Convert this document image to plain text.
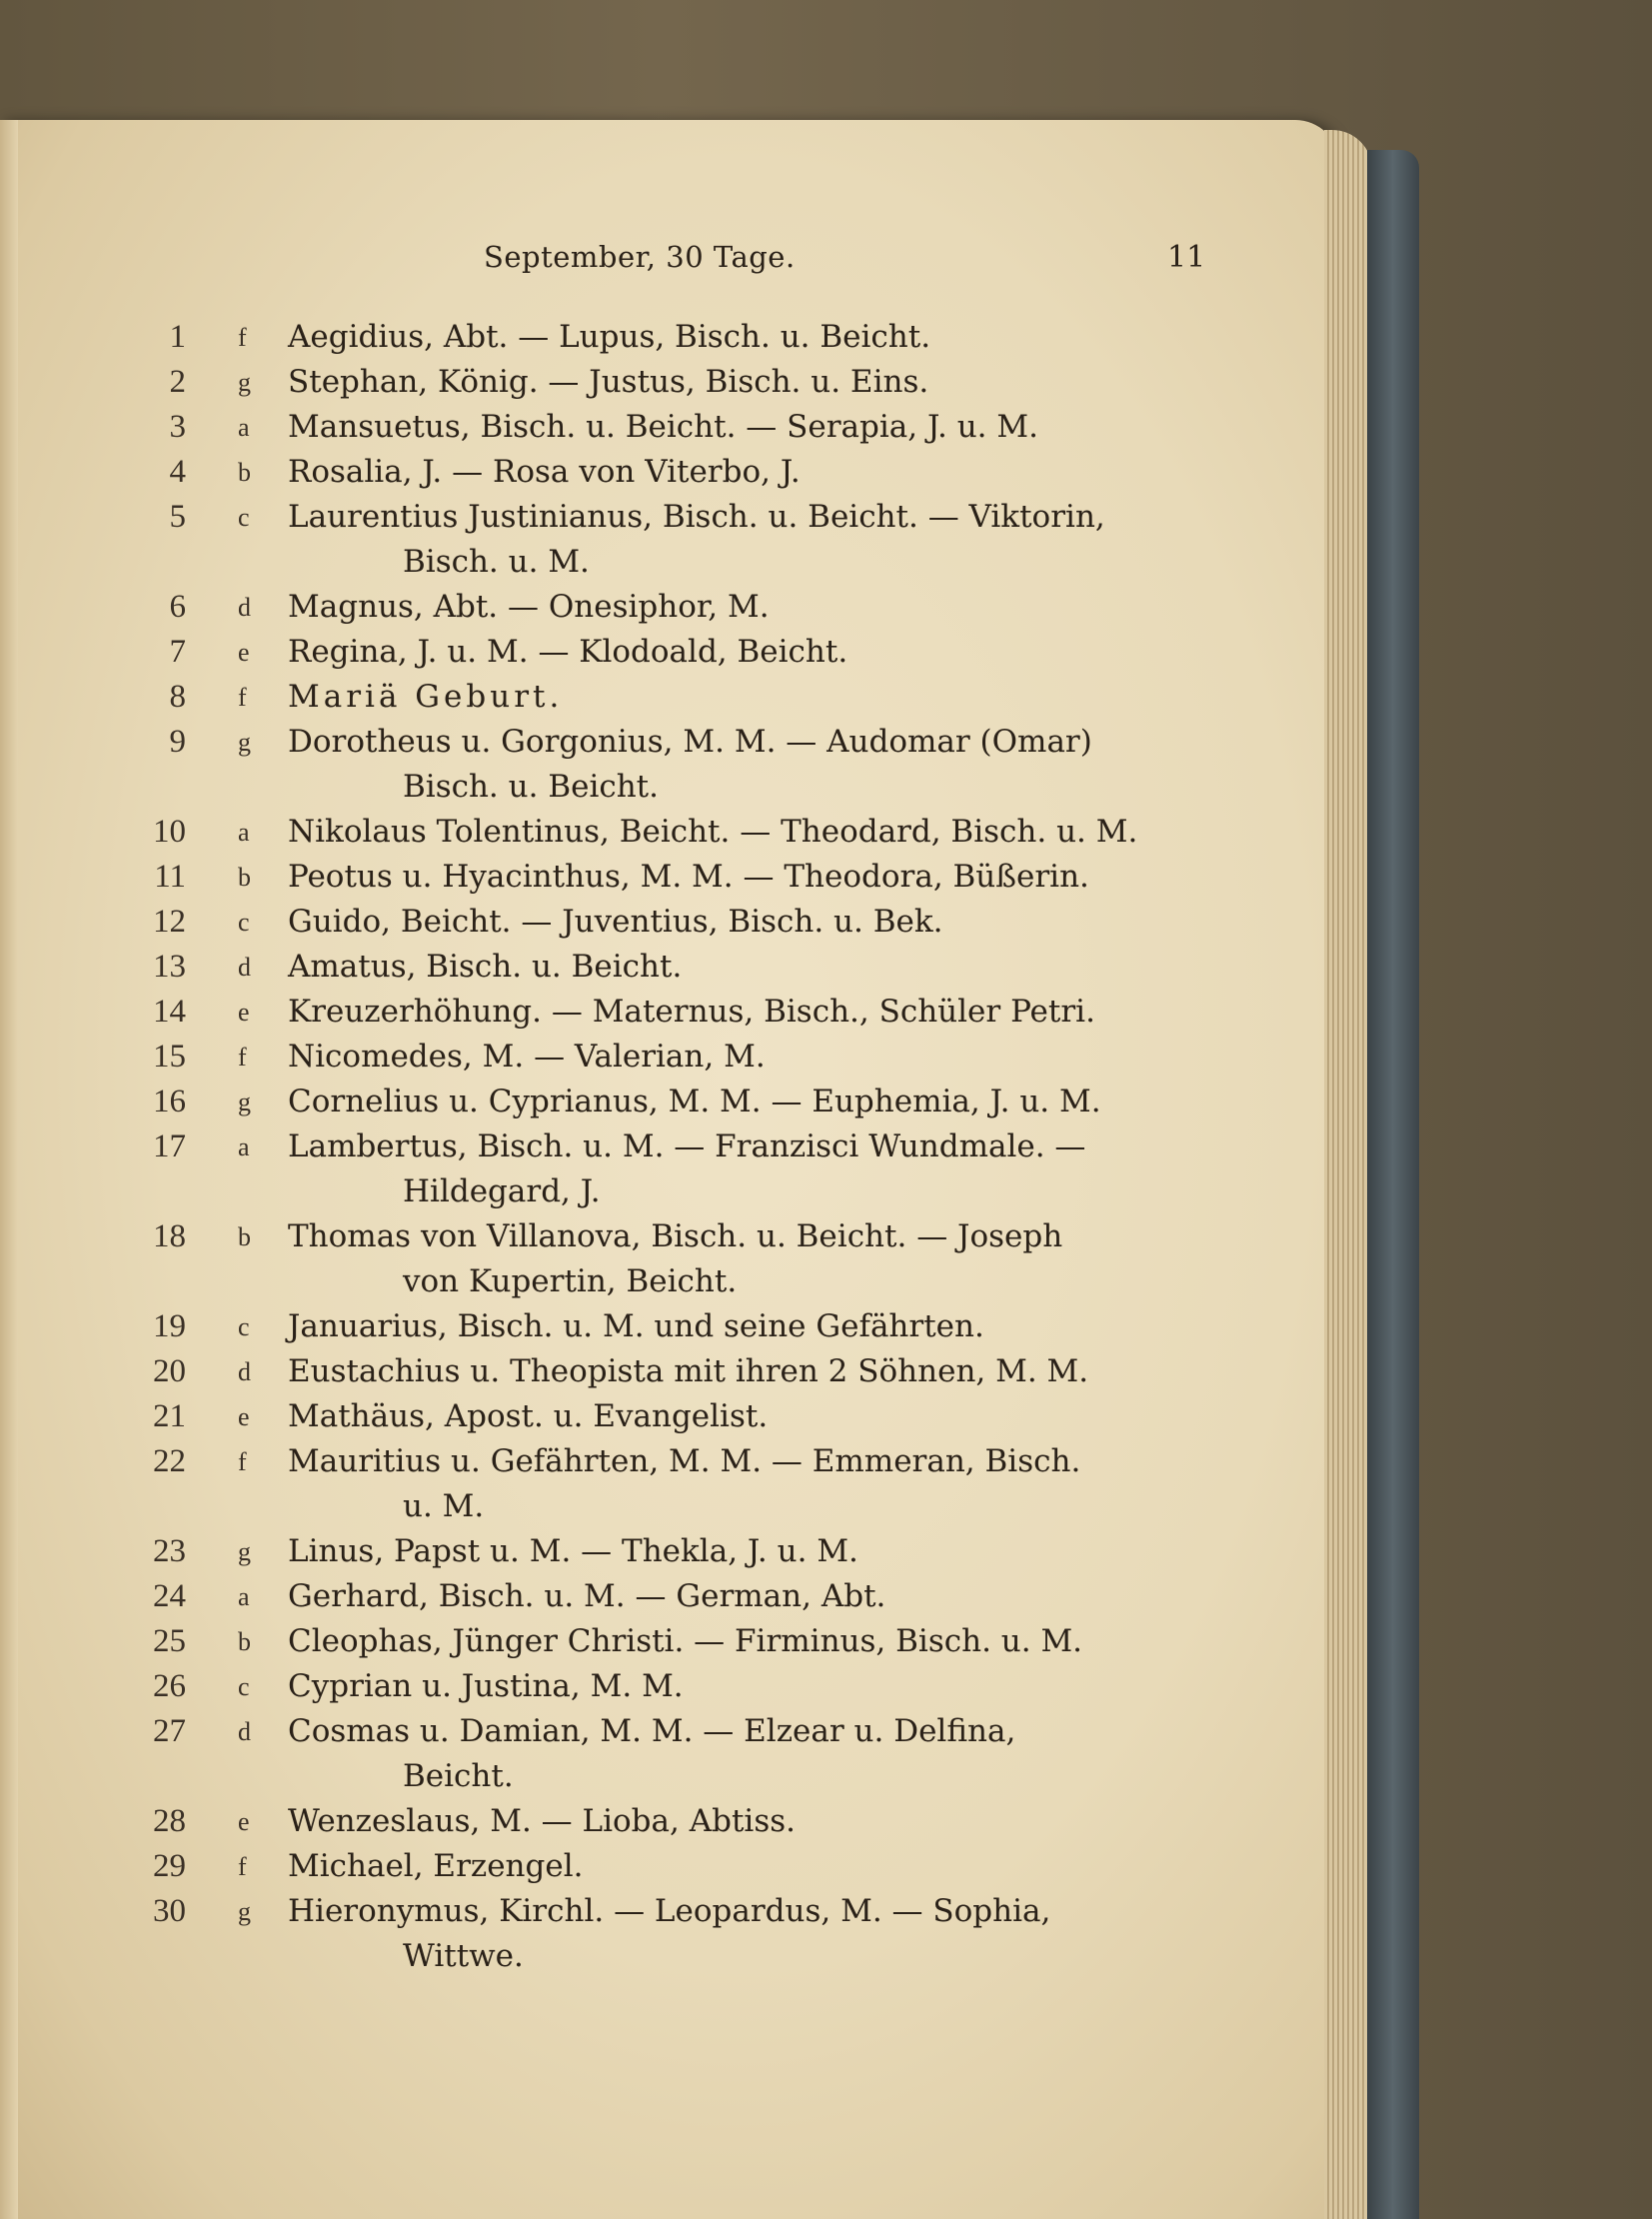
September, 30 Tage.	11
1 f Aegidius, Abt. — Lupus, Bisch. u. Beicht.
2 g Stephan, König. — Justus, Bisch. u. Eins.
3 a Mansuetus, Bisch. u. Beicht. — Serapia, J. u. M.
4 b Rosalia, J. — Rosa von Viterbo, J.
5 c Laurentius Justinianus, Bisch. u. Beicht. — Viktorin,
Bisch. u. M.
6 d Magnus, Abt. — Onesiphor, M.
7 e Regina, J. u. M. — Klodoald, Beicht.
8 f Mariä Geburt.
9 g Dorotheus u. Gorgonius, M. M. — Audomar (Omar)
Bisch. u. Beicht.
10 a Nikolaus Tolentinus, Beicht. — Theodard, Bisch. u. M.
11 b Peotus u. Hyacinthus, M. M. — Theodora, Büßerin.
12 c Guido, Beicht. — Juventius, Bisch. u. Bek.
13 d Amatus, Bisch. u. Beicht.
14 e Kreuzerhöhung. — Maternus, Bisch., Schüler Petri.
15 f Nicomedes, M. — Valerian, M.
16 g Cornelius u. Cyprianus, M. M. — Euphemia, J. u. M.
17 a Lambertus, Bisch. u. M. — Franzisci Wundmale. —
Hildegard, J.
18 b Thomas von Villanova, Bisch. u. Beicht. — Joseph
von Kupertin, Beicht.
19 c Januarius, Bisch. u. M. und seine Gefährten.
20 d Eustachius u. Theopista mit ihren 2 Söhnen, M. M.
21 e Mathäus, Apost. u. Evangelist.
22 f Mauritius u. Gefährten, M. M. — Emmeran, Bisch.
u. M.
23 g Linus, Papst u. M. — Thekla, J. u. M.
24 a Gerhard, Bisch. u. M. — German, Abt.
25 b Cleophas, Jünger Christi. — Firminus, Bisch. u. M.
26 c Cyprian u. Justina, M. M.
27 d Cosmas u. Damian, M. M. — Elzear u. Delfina,
Beicht.
28 e Wenzeslaus, M. — Lioba, Abtiss.
29 f Michael, Erzengel.
30 g Hieronymus, Kirchl. — Leopardus, M. — Sophia,
Wittwe.
